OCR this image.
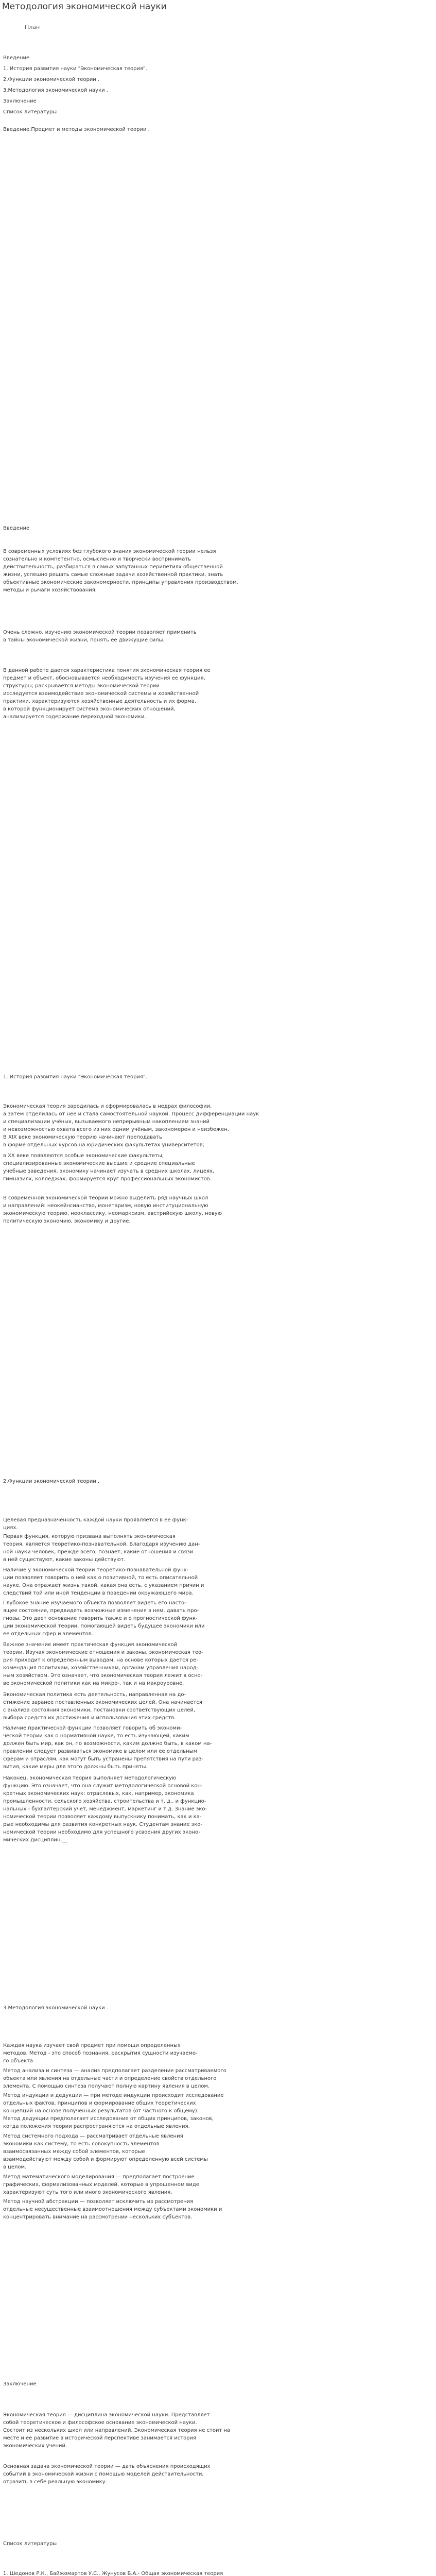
Методология экономической науки
План
Введение
1. История развития науки "Экономическая теория".
2.Функции экономической теории .
3.Методология экономической науки .
Заключение
Список литературы
Введение.Предмет и методы экономической теории .
Введение

В современных условиях без глубокого знания экономической теории нельзя

сознательно и компетентно, осмысленно и творчески воспринимать

действительность, разбираться в самых запутанных перипетиях общественной

жизни, успешно решать самые сложные задачи хозяйственной практики, знать

объективные экономические закономерности, принципы управления производством,

методы и рычаги хозяйствования.

Очень сложно, изучению экономической теории позволяет применить

в тайны экономической жизни, понять ее движущие силы.

В данной работе дается характеристика понятия экономическая теория ее

предмет и объект, обосновывается необходимость изучения ее функция,

структуры; раскрывается методы экономической теории

исследуется взаимодействие экономической системы и хозяйственной

практики, характеризуются хозяйственные деятельность и их форма,

в которой функционирует система экономических отношений,

анализируется содержание переходной экономики.

1. История развития науки "Экономическая теория".

Экономическая теория зародилась и сформировалась в недрах философии,

а затем отделилась от нее и стала самостоятельной наукой. Процесс дифференциации наук

и специализации учёных, вызываемого непрерывным накоплением знаний

и невозможностью охвата всего из них одним учёным, закономерен и неизбежен.

В XIX веке экономическую теорию начинают преподавать

в форме отдельных курсов на юридических факультетах университетов;

в XX веке появляются особые экономические факультеты,

специализированные экономические высшие и средние специальные

учебные заведения, экономику начинает изучать в средних школах, лицеях,

гимназиях, колледжах, формируется круг профессиональных экономистов.

В современной экономической теории можно выделить ряд научных школ

и направлений: неокейнсианство, монетаризм, новую институциональную

экономическую теорию, неоклассику, неомарксизм, австрийскую школу, новую

политическую экономию, экономику и другие.

2.Функции экономической теории .

Целевая предназначенность каждой науки проявляется в ее функ-

циях.

Первая функция, которую призвана выполнять экономическая

теория, является теоретико-познавательной. Благодаря изучению дан-

ной науки человек, прежде всего, познает, какие отношения и связи

в ней существуют, какие законы действуют.

Наличие у экономической теории теоретико-познавательной функ-

ции позволяет говорить о ней как о позитивной, то есть описательной

науке. Она отражает жизнь такой, какая она есть, с указанием причин и

следствий той или иной тенденции в поведении окружающего мира.

Глубокое знание изучаемого объекта позволяет видеть его насто-

ящее состояние, предвидеть возможные изменения в нем, давать про-

гнозы. Это дает основание говорить также и о прогностической функ-

ции экономической теории, помогающей видеть будущее экономики или

ее отдельных сфер и элементов.

Важное значение имеет практическая функция экономической

теории. Изучая экономические отношения и законы, экономическая тео-

рия приходит к определенным выводам, на основе которых дается ре-

комендация политикам, хозяйственникам, органам управления народ-

ным хозяйством. Это означает, что экономическая теория лежит в осно-

ве экономической политики как на микро-, так и на макроуровне.

Экономическая политика есть деятельность, направленная на до-

стижение заранее поставленных экономических целей. Она начинается

с анализа состояния экономики, постановки соответствующих целей,

выбора средств их достижения и использования этих средств.

Наличие практической функции позволяет говорить об экономи-

ческой теории как о нормативной науке, то есть изучающей, каким

должен быть мир, как он, по возможности, каким должно быть, в каком на-

правлении следует развиваться экономике в целом или ее отдельным

сферам и отраслям, как могут быть устранены препятствия на пути раз-

вития, какие меры для этого должны быть приняты.

Наконец, экономическая теория выполняет методологическую

функцию. Это означает, что она служит методологической основой кон-

кретных экономических наук: отраслевых, как, например, экономика

промышленности, сельского хозяйства, строительства и т. д., и функцио-

нальных - бухгалтерский учет, менеджмент, маркетинг и т.д. Знание эко-

номической теории позволяет каждому выпускнику понимать, как и ка-

рые необходимы для развития конкретных наук. Студентам знание эко-

номической теории необходимо для успешного усвоения других эконо-

мических дисциплин.__

3.Методология экономической науки .

Каждая наука изучает свой предмет при помощи определенных

методов. Метод - это способ познания, раскрытия сущности изучаемо-

го объекта

Метод анализа и синтеза — анализ предполагает разделение рассматриваемого

объекта или явления на отдельные части и определение свойств отдельного

элемента. С помощью синтеза получают полную картину явления в целом.

Метод индукции и дедукции — при методе индукции происходит исследование

отдельных фактов, принципов и формирование общих теоретических

концепций на основе полученных результатов (от частного к общему).

Метод дедукции предполагает исследование от общих принципов, законов,

когда положения теории распространяются на отдельные явления.

Метод системного подхода — рассматривает отдельные явления

экономики как систему, то есть совокупность элементов

взаимосвязанных между собой элементов, которые

взаимодействуют между собой и формируют определенную всей системы

в целом.

Метод математического моделирования — предполагает построение

графических, формализованных моделей, которые в упрощенном виде

характеризуют суть того или иного экономического явления.

Метод научной абстракции — позволяет исключить из рассмотрения

отдельные несущественные взаимоотношения между субъектами экономики и

концентрировать внимание на рассмотрении нескольких субъектов.

Заключение

Экономическая теория — дисциплина экономической науки. Представляет

собой теоретическое и философское основание экономической науки.

Состоит из нескольких школ или направлений. Экономическая теория не стоит на

месте и ее развитие в исторической перспективе занимается история

экономических учений.

Основная задача экономической теории — дать объяснения происходящих

событий в экономической жизни с помощью моделей действительности,

отразить в себе реальную экономику.

Список литературы

1. Шедонов Р.К., Байжомартов У.С., Жунусов Б.А.- Общая экономическая теория
